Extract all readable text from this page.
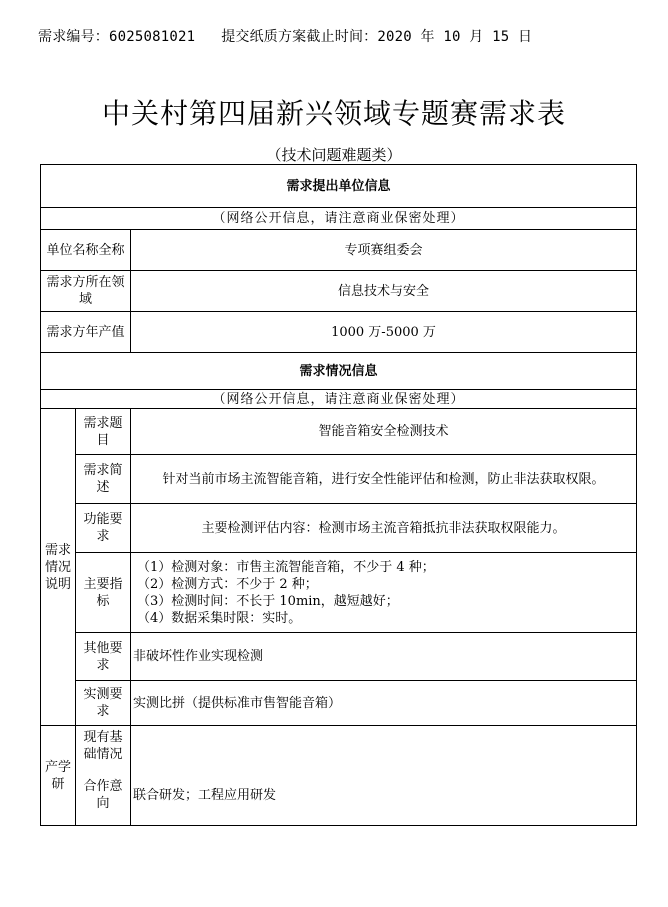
需求编号：6025081021 提交纸质方案截止时间：2020 年 10 月 15 日
中关村第四届新兴领域专题赛需求表
（技术问题难题类）
需求提出单位信息		
（网络公开信息，请注意商业保密处理）		
单位名称全称		专项赛组委会
需求方所在领域		信息技术与安全
需求方年产值		1000 万-5000 万
需求情况信息		
（网络公开信息，请注意商业保密处理）		
需求情况说明	需求题目	智能音箱安全检测技术
	需求简述	针对当前市场主流智能音箱，进行安全性能评估和检测，防止非法获取权限。
	功能要求	主要检测评估内容：检测市场主流音箱抵抗非法获取权限能力。
	主要指标	（1）检测对象：市售主流智能音箱，不少于 4 种；
（2）检测方式：不少于 2 种；
（3）检测时间：不长于 10min，越短越好；
（4）数据采集时限：实时。

	其他要求	非破坏性作业实现检测
	实测要求	实测比拼（提供标准市售智能音箱）
产学研	现有基础情况	
	合作意向	联合研发；工程应用研发
